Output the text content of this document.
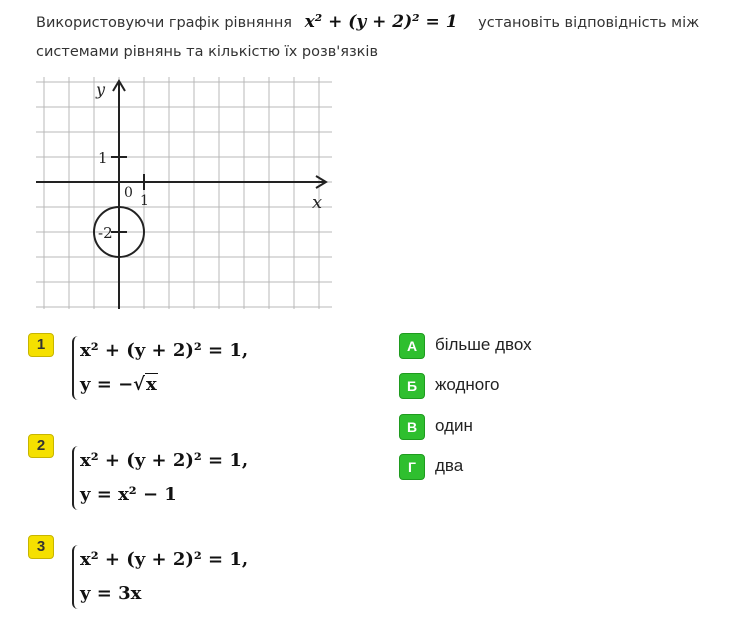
Використовуючи графік рівняння x² + (y + 2)² = 1 установіть відповідність між системами рівнянь та кількістю їх розв'язків
y
x
0 1
1
-2
1	x² + (y + 2)² = 1,
y = −√x
2
x² + (y + 2)² = 1,
y = x² − 1
3
x² + (y + 2)² = 1,
y = 3x
А	більше двох
Б	жодного
В	один
Г	два
